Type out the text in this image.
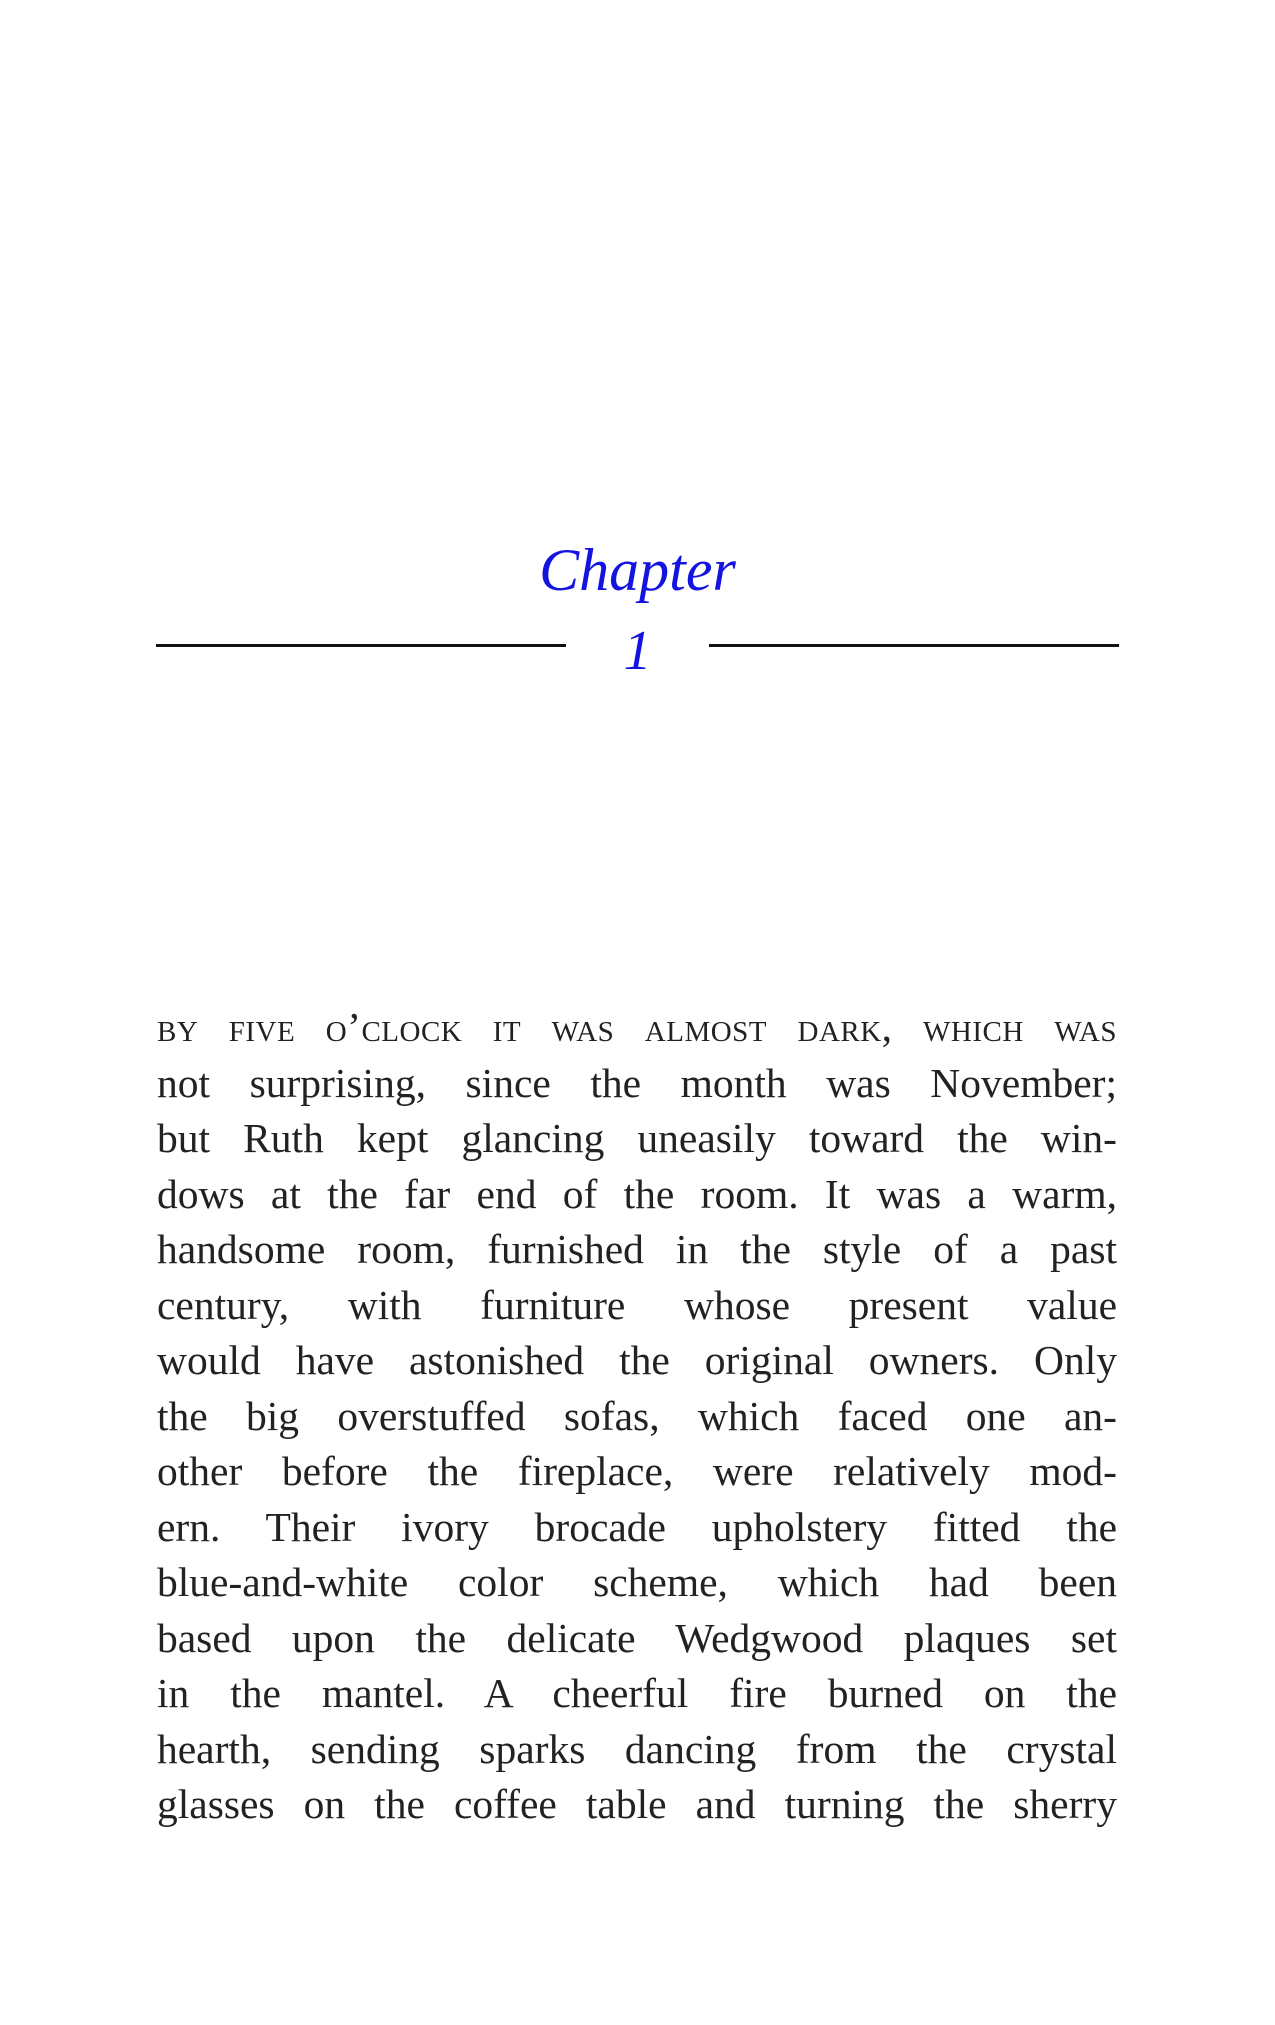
Chapter
1
by five o’clock it was almost dark, which was
not surprising, since the month was November;
but Ruth kept glancing uneasily toward the win-
dows at the far end of the room. It was a warm,
handsome room, furnished in the style of a past
century, with furniture whose present value
would have astonished the original owners. Only
the big overstuffed sofas, which faced one an-
other before the fireplace, were relatively mod-
ern. Their ivory brocade upholstery fitted the
blue-and-white color scheme, which had been
based upon the delicate Wedgwood plaques set
in the mantel. A cheerful fire burned on the
hearth, sending sparks dancing from the crystal
glasses on the coffee table and turning the sherry
